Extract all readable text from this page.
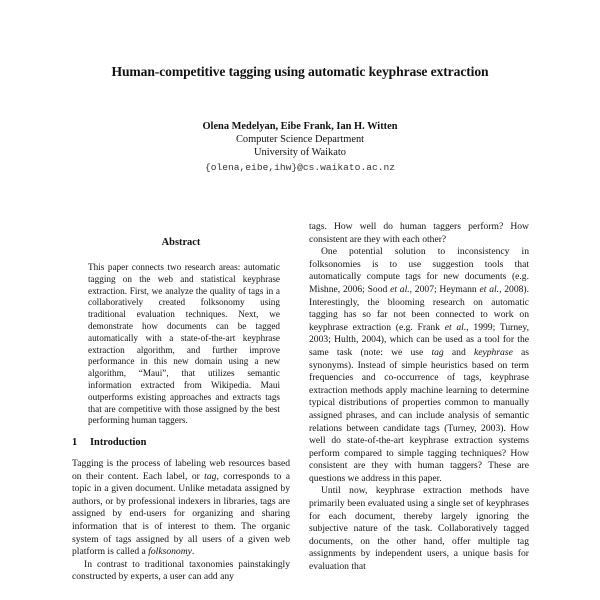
Human-competitive tagging using automatic keyphrase extraction
Olena Medelyan, Eibe Frank, Ian H. Witten
Computer Science Department
University of Waikato
{olena,eibe,ihw}@cs.waikato.ac.nz

tags. How well do human taggers perform? How consistent are they with each other?

One potential solution to inconsistency in folksonomies is to use suggestion tools that automatically compute tags for new documents (e.g. Mishne, 2006; Sood et al., 2007; Heymann et al., 2008). Interestingly, the blooming research on automatic tagging has so far not been connected to work on keyphrase extraction (e.g. Frank et al., 1999; Turney, 2003; Hulth, 2004), which can be used as a tool for the same task (note: we use tag and keyphrase as synonyms). Instead of simple heuristics based on term frequencies and co-occurrence of tags, keyphrase extraction methods apply machine learning to determine typical distributions of properties common to manually assigned phrases, and can include analysis of semantic relations between candidate tags (Turney, 2003). How well do state-of-the-art keyphrase extraction systems perform compared to simple tagging techniques? How consistent are they with human taggers? These are questions we address in this paper.

Until now, keyphrase extraction methods have primarily been evaluated using a single set of keyphrases for each document, thereby largely ignoring the subjective nature of the task. Collaboratively tagged documents, on the other hand, offer multiple tag assignments by independent users, a unique basis for evaluation that

Abstract
This paper connects two research areas: automatic tagging on the web and statistical keyphrase extraction. First, we analyze the quality of tags in a collaboratively created folksonomy using traditional evaluation techniques. Next, we demonstrate how documents can be tagged automatically with a state-of-the-art keyphrase extraction algorithm, and further improve performance in this new domain using a new algorithm, “Maui”, that utilizes semantic information extracted from Wikipedia. Maui outperforms existing approaches and extracts tags that are competitive with those assigned by the best performing human taggers.
1 Introduction

Tagging is the process of labeling web resources based on their content. Each label, or tag, corresponds to a topic in a given document. Unlike metadata assigned by authors, or by professional indexers in libraries, tags are assigned by end-users for organizing and sharing information that is of interest to them. The organic system of tags assigned by all users of a given web platform is called a folksonomy.

In contrast to traditional taxonomies painstakingly constructed by experts, a user can add any
